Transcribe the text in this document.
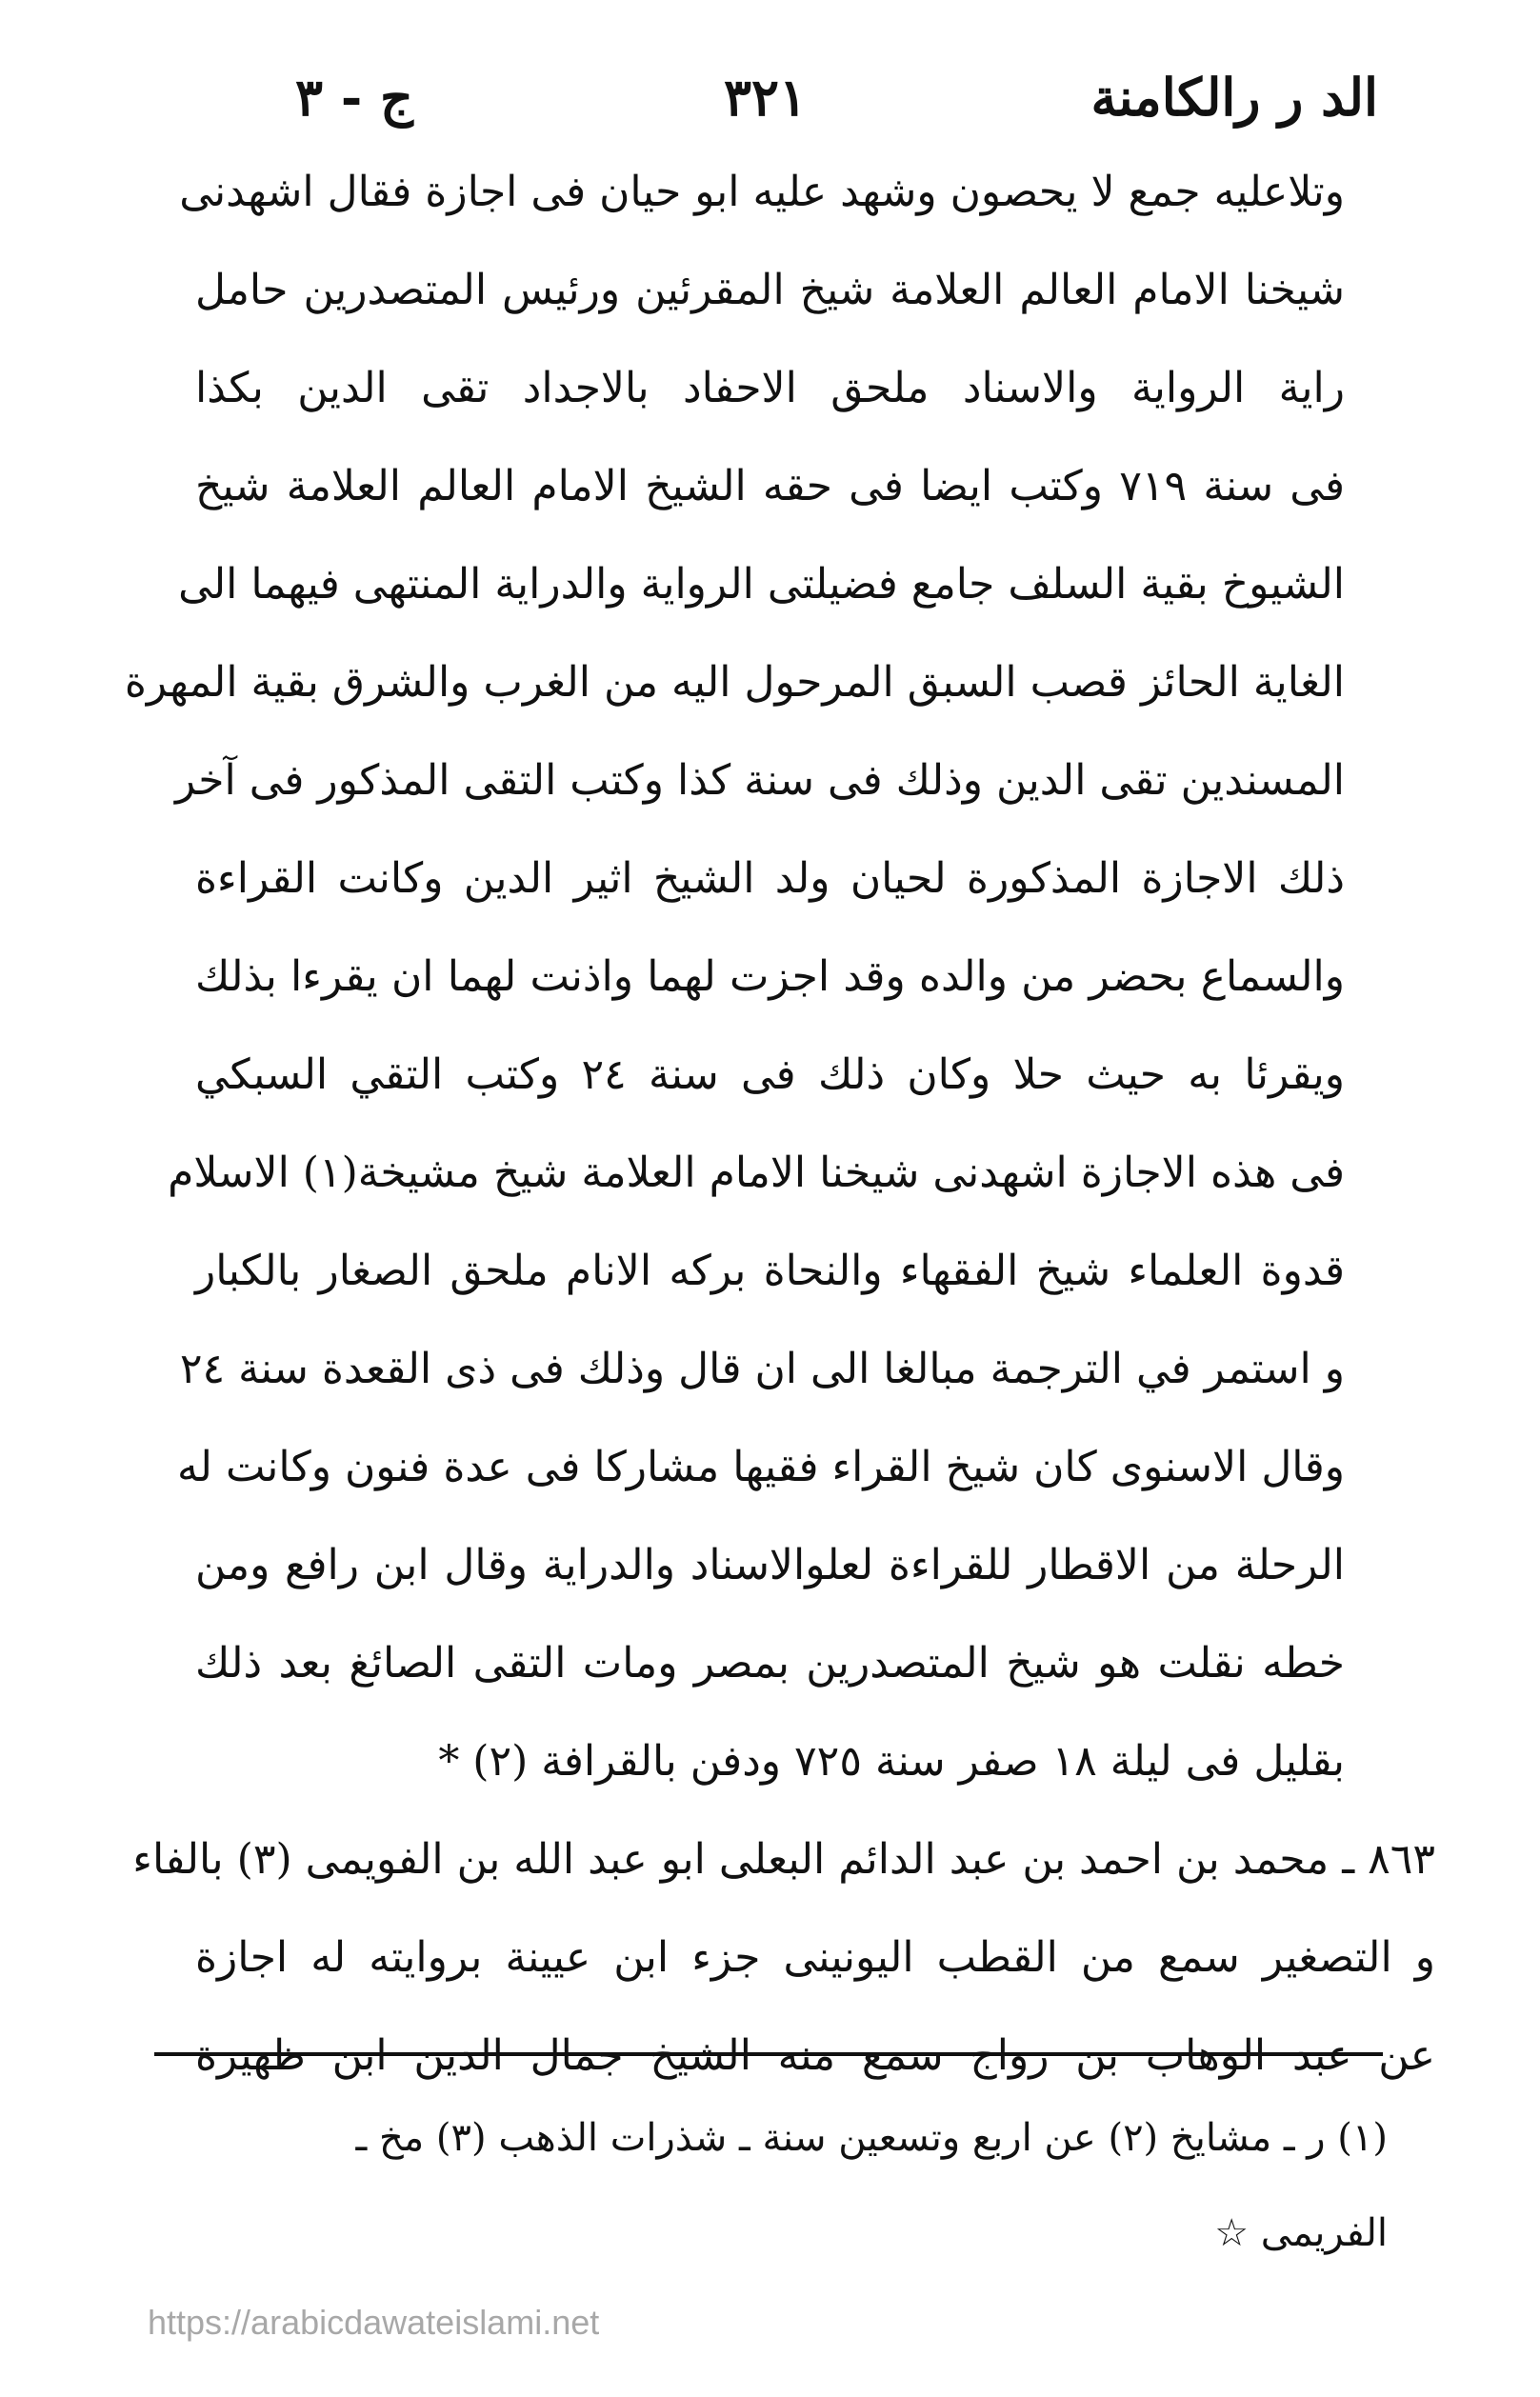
الد ر رالكامنة
٣٢١
ج - ٣
وتلاعليه جمع لا يحصون وشهد عليه ابو حيان فى اجازة فقال اشهدنى
شيخنا الامام العالم العلامة شيخ المقرئين ورئيس المتصدرين حامل
راية الرواية والاسناد ملحق الاحفاد بالاجداد تقى الدين بكذا
فى سنة ٧١٩ وكتب ايضا فى حقه الشيخ الامام العالم العلامة شيخ
الشيوخ بقية السلف جامع فضيلتى الرواية والدراية المنتهى فيهما الى
الغاية الحائز قصب السبق المرحول اليه من الغرب والشرق بقية المهرة
المسندين تقى الدين وذلك فى سنة كذا وكتب التقى المذكور فى آخر
ذلك الاجازة المذكورة لحيان ولد الشيخ اثير الدين وكانت القراءة
والسماع بحضر من والده وقد اجزت لهما واذنت لهما ان يقرءا بذلك
ويقرئا به حيث حلا وكان ذلك فى سنة ٢٤ وكتب التقي السبكي
فى هذه الاجازة اشهدنى شيخنا الامام العلامة شيخ مشيخة(١) الاسلام
قدوة العلماء شيخ الفقهاء والنحاة بركه الانام ملحق الصغار بالكبار
و استمر في الترجمة مبالغا الى ان قال وذلك فى ذى القعدة سنة ٢٤
وقال الاسنوى كان شيخ القراء فقيها مشاركا فى عدة فنون وكانت له
الرحلة من الاقطار للقراءة لعلوالاسناد والدراية وقال ابن رافع ومن
خطه نقلت هو شيخ المتصدرين بمصر ومات التقى الصائغ بعد ذلك
بقليل فى ليلة ١٨ صفر سنة ٧٢٥ ودفن بالقرافة (٢) *
٨٦٣ ـ محمد بن احمد بن عبد الدائم البعلى ابو عبد الله بن الفويمى (٣) بالفاء
و التصغير سمع من القطب اليونينى جزء ابن عيينة بروايته له اجازة
عن عبد الوهاب بن رواج سمع منه الشيخ جمال الدين ابن ظهيرة
(١) ر ـ مشايخ (٢) عن اربع وتسعين سنة ـ شذرات الذهب (٣) مخ ـ
الفريمى ☆
https://arabicdawateislami.net
